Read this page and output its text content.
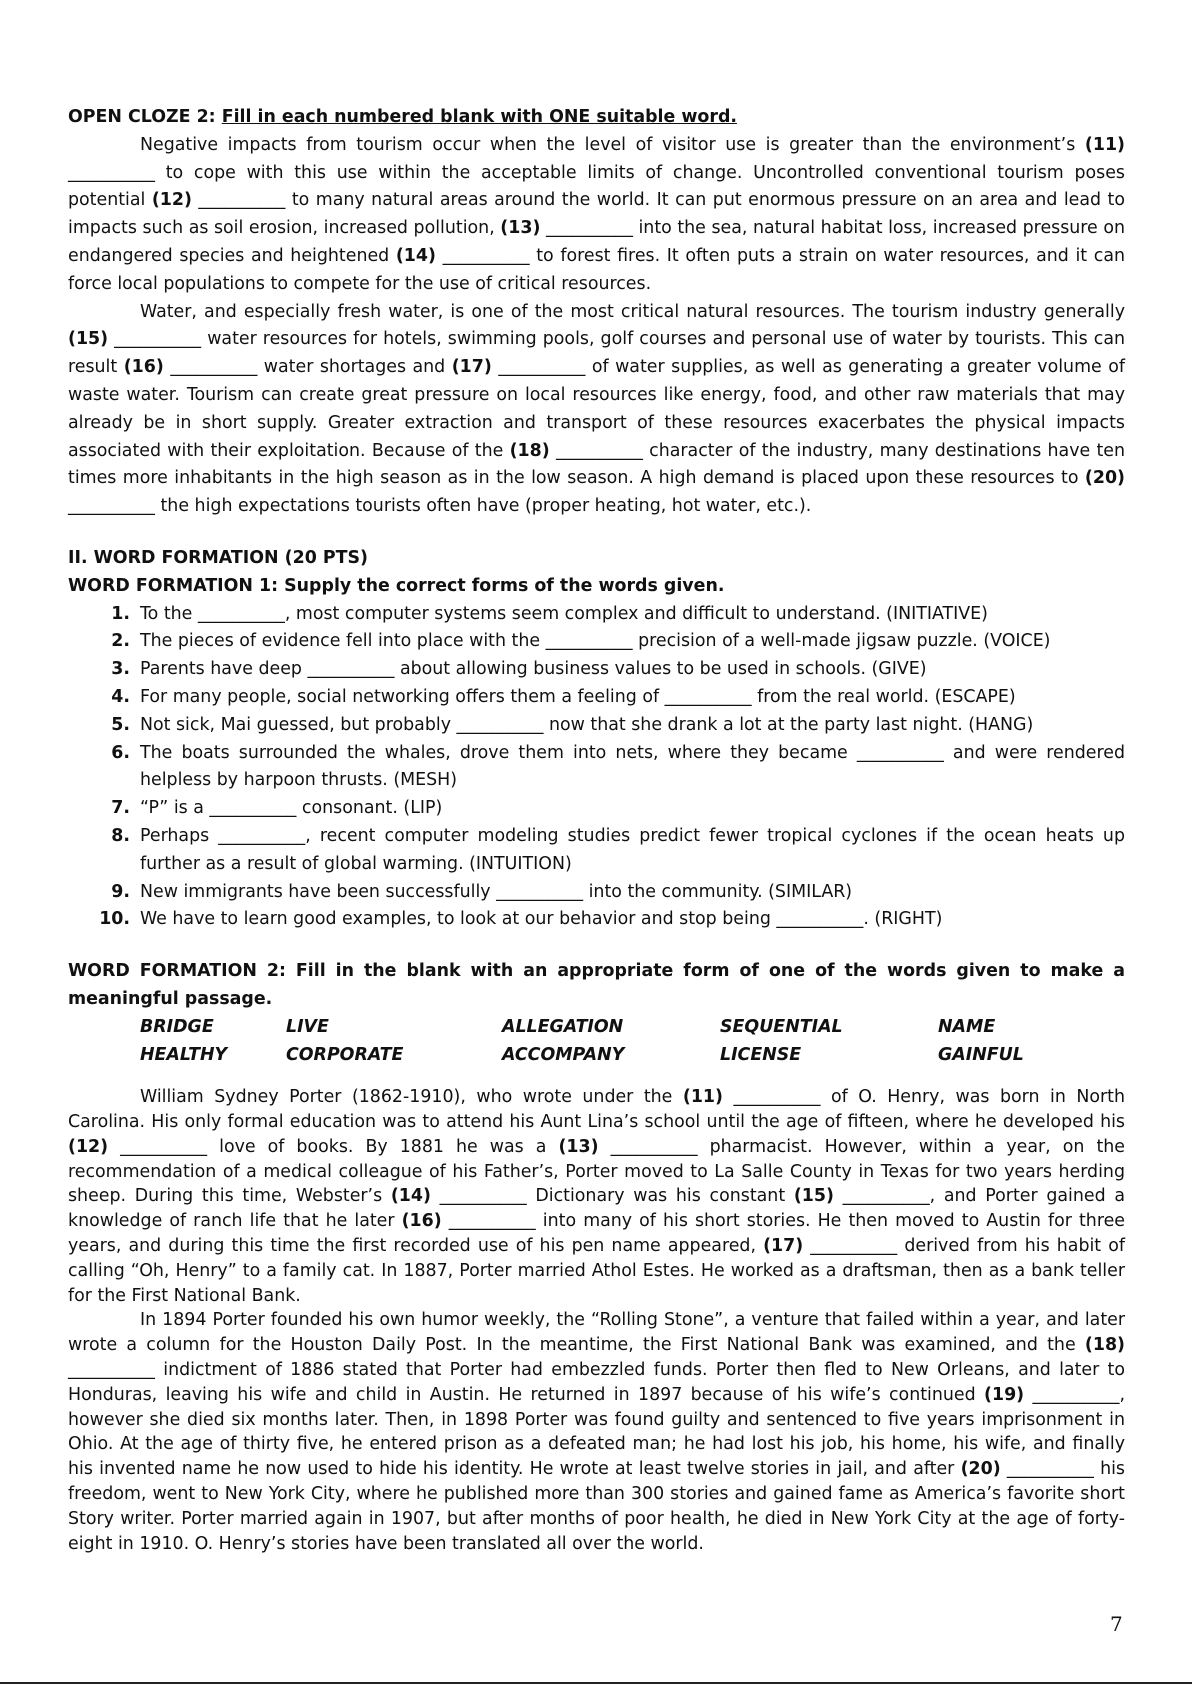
OPEN CLOZE 2: Fill in each numbered blank with ONE suitable word.

Negative impacts from tourism occur when the level of visitor use is greater than the environment’s (11) __________ to cope with this use within the acceptable limits of change. Uncontrolled conventional tourism poses potential (12) __________ to many natural areas around the world. It can put enormous pressure on an area and lead to impacts such as soil erosion, increased pollution, (13) __________ into the sea, natural habitat loss, increased pressure on endangered species and heightened (14) __________ to forest fires. It often puts a strain on water resources, and it can force local populations to compete for the use of critical resources.

Water, and especially fresh water, is one of the most critical natural resources. The tourism industry generally (15) __________ water resources for hotels, swimming pools, golf courses and personal use of water by tourists. This can result (16) __________ water shortages and (17) __________ of water supplies, as well as generating a greater volume of waste water. Tourism can create great pressure on local resources like energy, food, and other raw materials that may already be in short supply. Greater extraction and transport of these resources exacerbates the physical impacts associated with their exploitation. Because of the (18) __________ character of the industry, many destinations have ten times more inhabitants in the high season as in the low season. A high demand is placed upon these resources to (20) __________ the high expectations tourists often have (proper heating, hot water, etc.).

II. WORD FORMATION (20 PTS)

WORD FORMATION 1: Supply the correct forms of the words given.

1. To the __________, most computer systems seem complex and difficult to understand. (INITIATIVE)
2. The pieces of evidence fell into place with the __________ precision of a well-made jigsaw puzzle. (VOICE)
3. Parents have deep __________ about allowing business values to be used in schools. (GIVE)
4. For many people, social networking offers them a feeling of __________ from the real world. (ESCAPE)
5. Not sick, Mai guessed, but probably __________ now that she drank a lot at the party last night. (HANG)
6. The boats surrounded the whales, drove them into nets, where they became __________ and were rendered helpless by harpoon thrusts. (MESH)
7. “P” is a __________ consonant. (LIP)
8. Perhaps __________, recent computer modeling studies predict fewer tropical cyclones if the ocean heats up further as a result of global warming. (INTUITION)
9. New immigrants have been successfully __________ into the community. (SIMILAR)
10. We have to learn good examples, to look at our behavior and stop being __________. (RIGHT)

WORD FORMATION 2: Fill in the blank with an appropriate form of one of the words given to make a meaningful passage.

BRIDGE	LIVE	ALLEGATION	SEQUENTIAL	NAME
HEALTHY	CORPORATE	ACCOMPANY	LICENSE	GAINFUL

William Sydney Porter (1862-1910), who wrote under the (11) __________ of O. Henry, was born in North Carolina. His only formal education was to attend his Aunt Lina’s school until the age of fifteen, where he developed his (12) __________ love of books. By 1881 he was a (13) __________ pharmacist. However, within a year, on the recommendation of a medical colleague of his Father’s, Porter moved to La Salle County in Texas for two years herding sheep. During this time, Webster’s (14) __________ Dictionary was his constant (15) __________, and Porter gained a knowledge of ranch life that he later (16) __________ into many of his short stories. He then moved to Austin for three years, and during this time the first recorded use of his pen name appeared, (17) __________ derived from his habit of calling “Oh, Henry” to a family cat. In 1887, Porter married Athol Estes. He worked as a draftsman, then as a bank teller for the First National Bank.

In 1894 Porter founded his own humor weekly, the “Rolling Stone”, a venture that failed within a year, and later wrote a column for the Houston Daily Post. In the meantime, the First National Bank was examined, and the (18) __________ indictment of 1886 stated that Porter had embezzled funds. Porter then fled to New Orleans, and later to Honduras, leaving his wife and child in Austin. He returned in 1897 because of his wife’s continued (19) __________, however she died six months later. Then, in 1898 Porter was found guilty and sentenced to five years imprisonment in Ohio. At the age of thirty five, he entered prison as a defeated man; he had lost his job, his home, his wife, and finally his invented name he now used to hide his identity. He wrote at least twelve stories in jail, and after (20) __________ his freedom, went to New York City, where he published more than 300 stories and gained fame as America’s favorite short Story writer. Porter married again in 1907, but after months of poor health, he died in New York City at the age of forty-eight in 1910. O. Henry’s stories have been translated all over the world.

7
